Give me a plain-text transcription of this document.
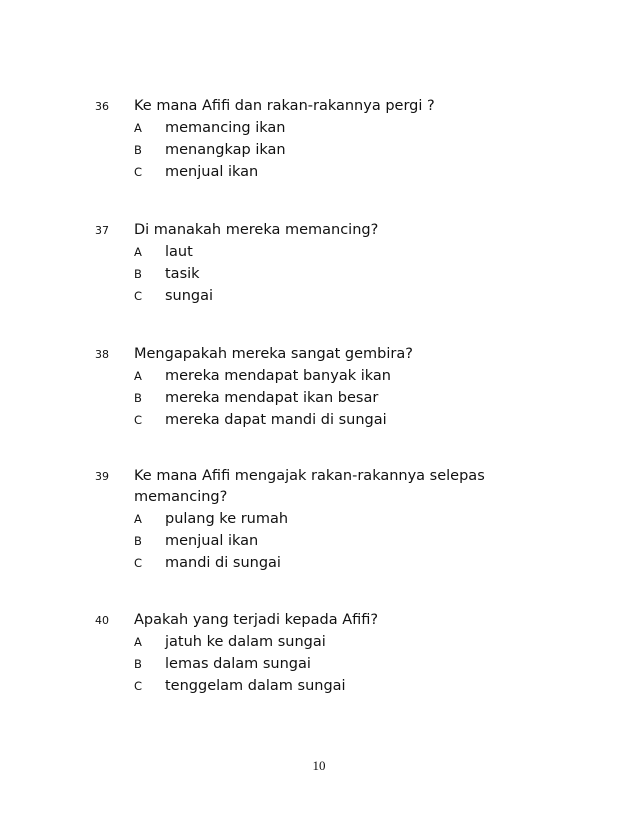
36 Ke mana Afifi dan rakan-rakannya pergi ?
A memancing ikan
B menangkap ikan
C menjual ikan
37 Di manakah mereka memancing?
A laut
B tasik
C sungai
38 Mengapakah mereka sangat gembira?
A mereka mendapat banyak ikan
B mereka mendapat ikan besar
C mereka dapat mandi di sungai
39 Ke mana Afifi mengajak rakan-rakannya selepas memancing?
A pulang ke rumah
B menjual ikan
C mandi di sungai
40 Apakah yang terjadi kepada Afifi?
A jatuh ke dalam sungai
B lemas dalam sungai
C tenggelam dalam sungai
10
